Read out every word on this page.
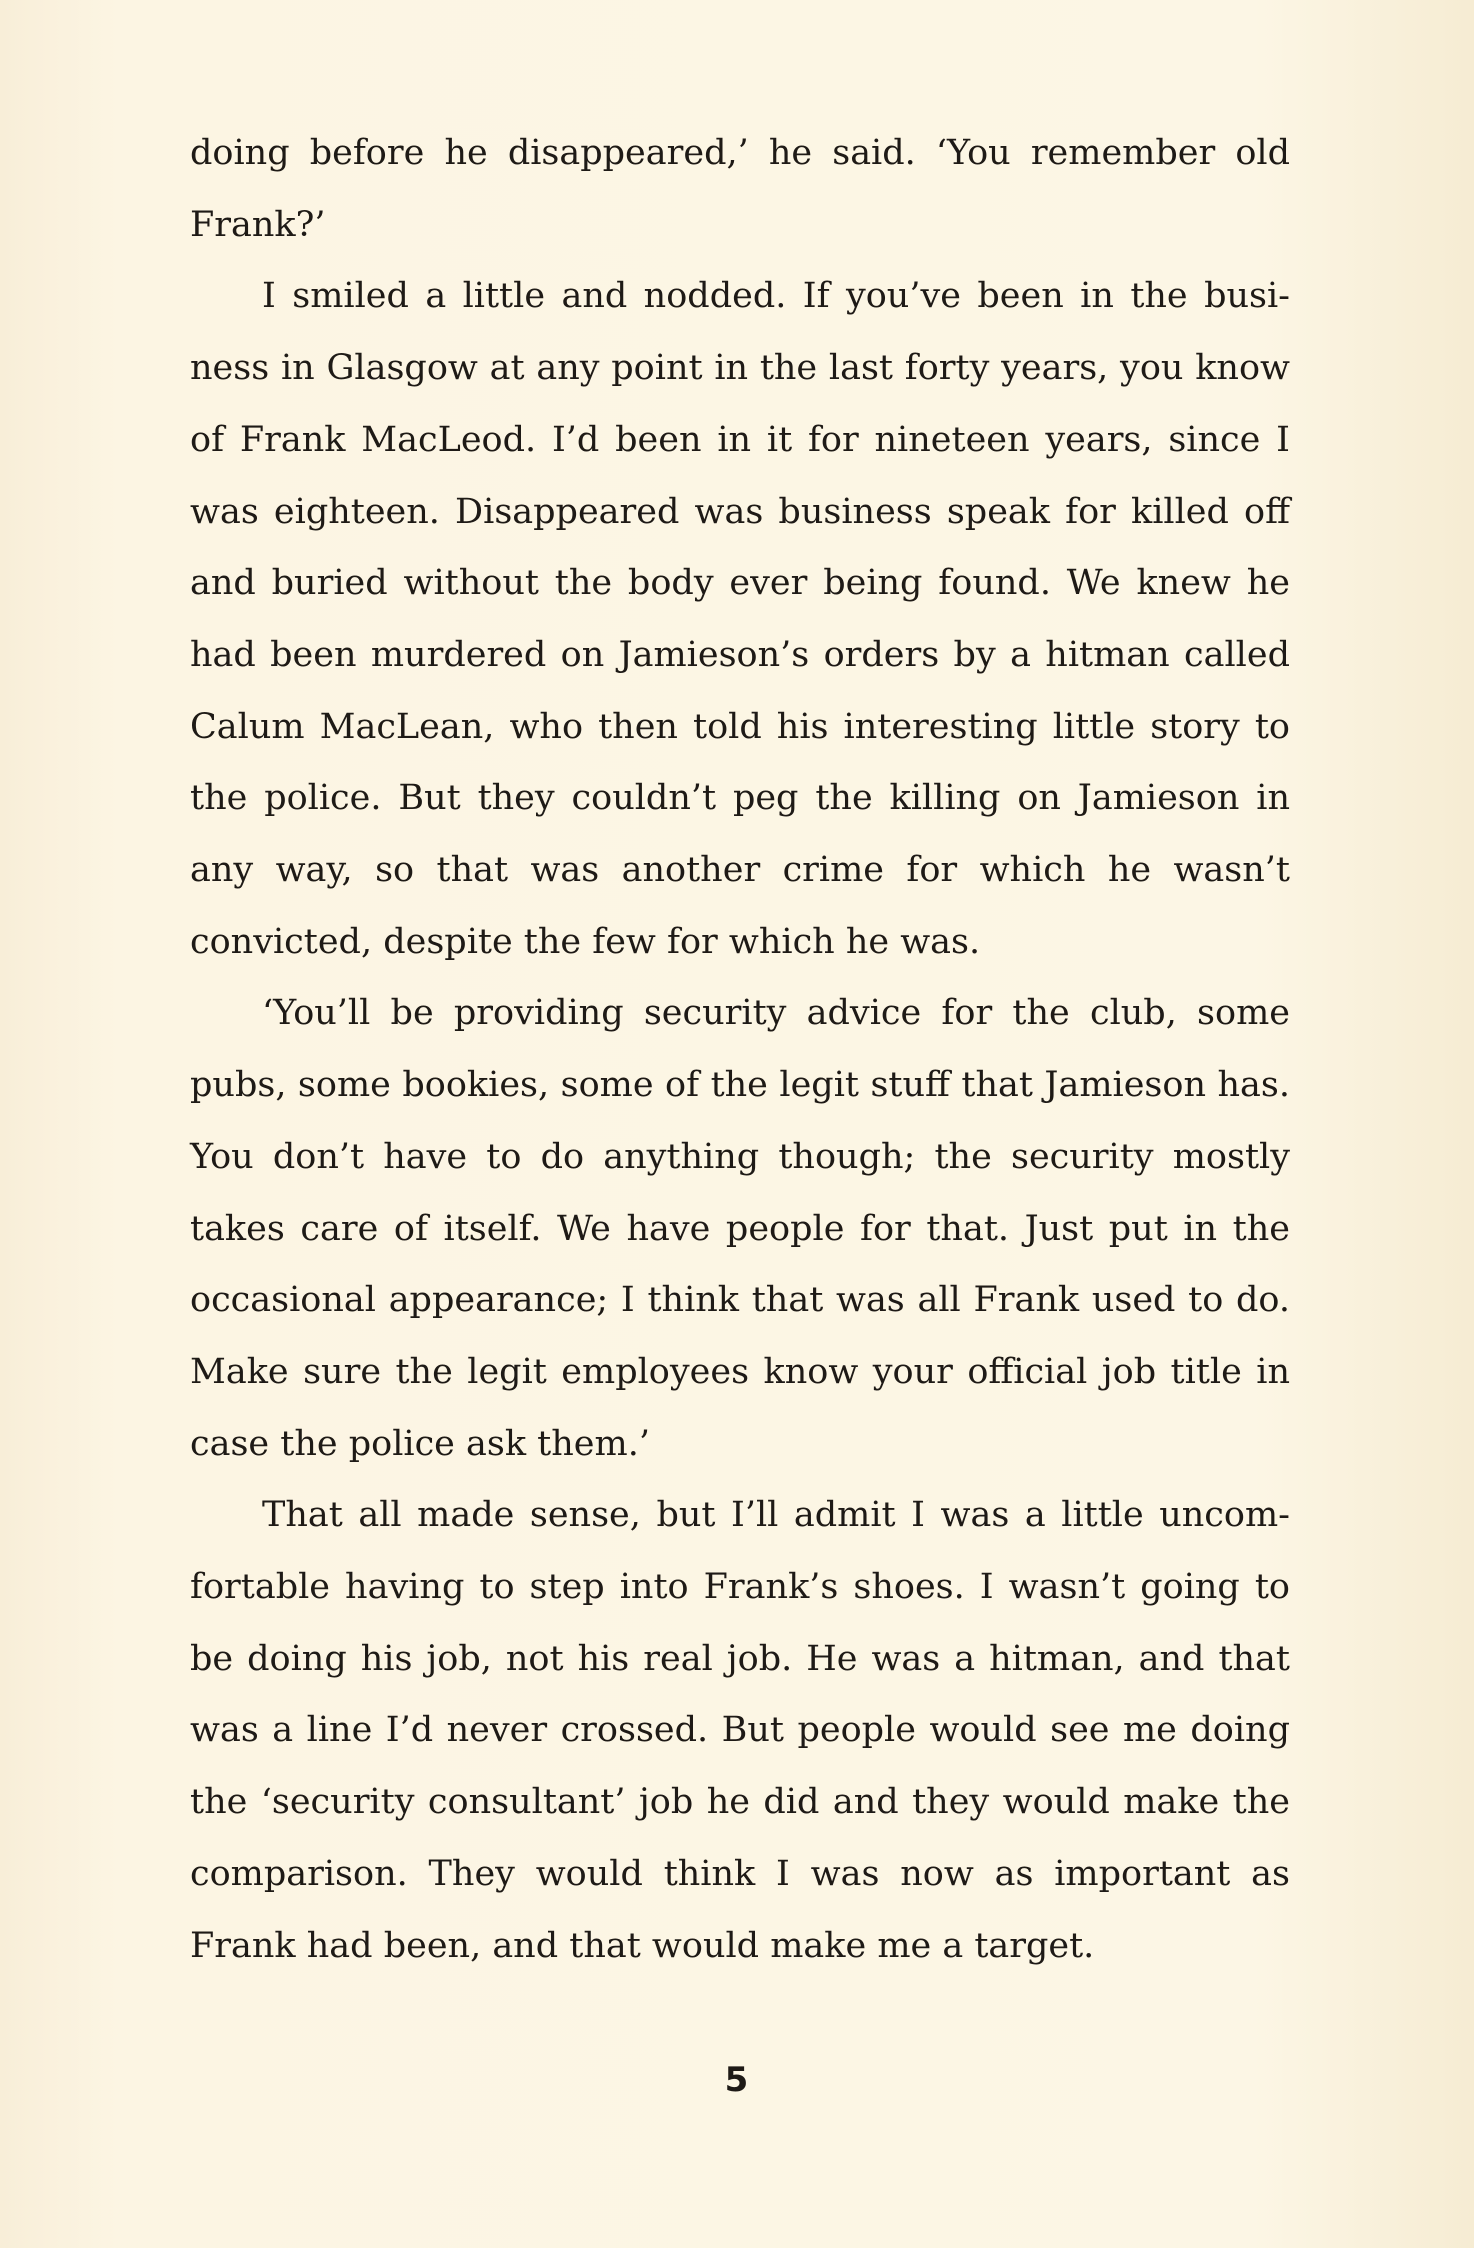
doing before he disappeared,’ he said. ‘You remember old Frank?’

I smiled a little and nodded. If you’ve been in the business in Glasgow at any point in the last forty years, you know of Frank MacLeod. I’d been in it for nineteen years, since I was eighteen. Disappeared was business speak for killed off and buried without the body ever being found. We knew he had been murdered on Jamieson’s orders by a hitman called Calum MacLean, who then told his interesting little story to the police. But they couldn’t peg the killing on Jamieson in any way, so that was another crime for which he wasn’t convicted, despite the few for which he was.

‘You’ll be providing security advice for the club, some pubs, some bookies, some of the legit stuff that Jamieson has. You don’t have to do anything though; the security mostly takes care of itself. We have people for that. Just put in the occasional appearance; I think that was all Frank used to do. Make sure the legit employees know your official job title in case the police ask them.’

That all made sense, but I’ll admit I was a little uncomfortable having to step into Frank’s shoes. I wasn’t going to be doing his job, not his real job. He was a hitman, and that was a line I’d never crossed. But people would see me doing the ‘security consultant’ job he did and they would make the comparison. They would think I was now as important as Frank had been, and that would make me a target.

5
